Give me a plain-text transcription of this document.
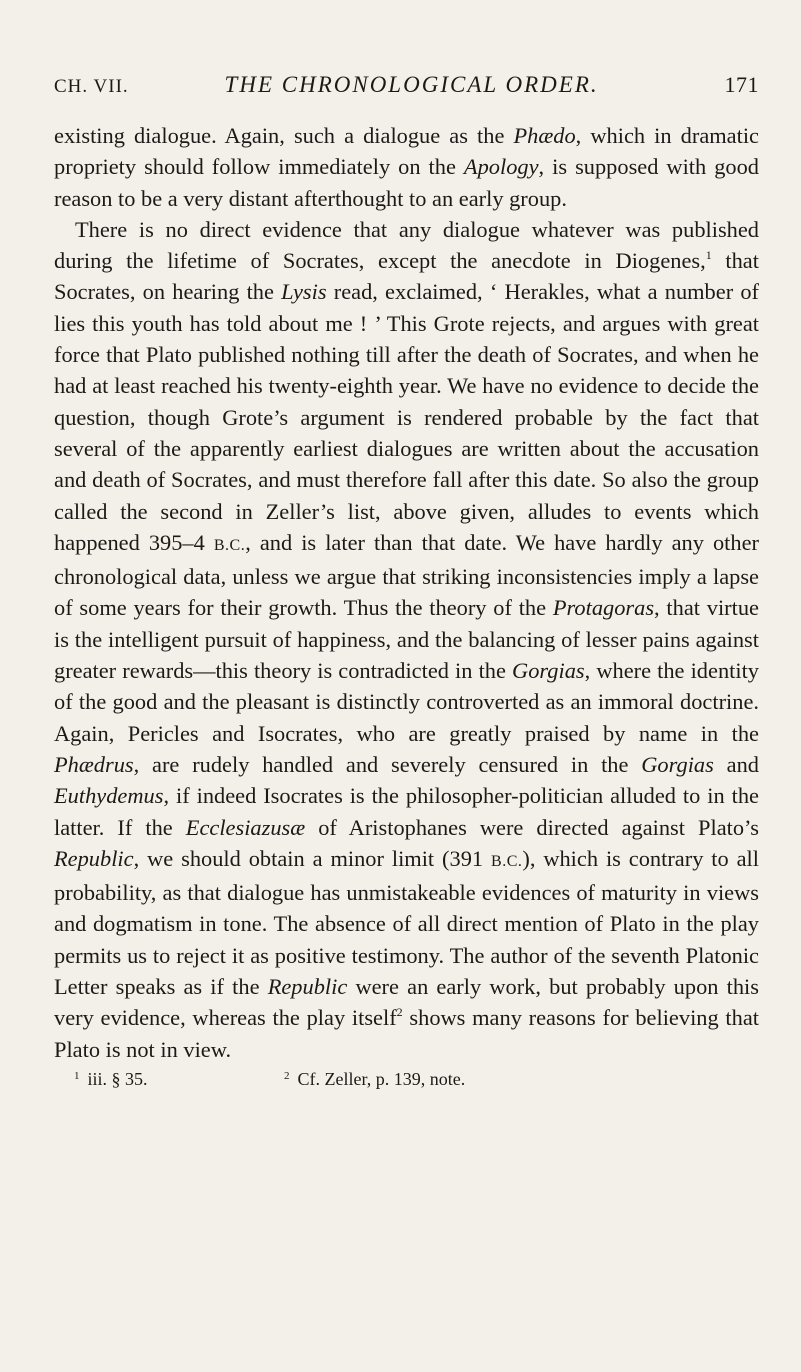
CH. VII.	THE CHRONOLOGICAL ORDER.	171

existing dialogue. Again, such a dialogue as the Phædo, which in dramatic propriety should follow immediately on the Apology, is supposed with good reason to be a very distant afterthought to an early group.

There is no direct evidence that any dialogue whatever was published during the lifetime of Socrates, except the anecdote in Diogenes,$^1$ that Socrates, on hearing the Lysis read, exclaimed, ‘ Herakles, what a number of lies this youth has told about me ! ’ This Grote rejects, and argues with great force that Plato published nothing till after the death of Socrates, and when he had at least reached his twenty-eighth year. We have no evidence to decide the question, though Grote’s argument is rendered probable by the fact that several of the apparently earliest dialogues are written about the accusation and death of Socrates, and must therefore fall after this date. So also the group called the second in Zeller’s list, above given, alludes to events which happened 395–4 B.C., and is later than that date. We have hardly any other chronological data, unless we argue that striking inconsistencies imply a lapse of some years for their growth. Thus the theory of the Protagoras, that virtue is the intelligent pursuit of happiness, and the balancing of lesser pains against greater rewards—this theory is contradicted in the Gorgias, where the identity of the good and the pleasant is distinctly controverted as an immoral doctrine. Again, Pericles and Isocrates, who are greatly praised by name in the Phædrus, are rudely handled and severely censured in the Gorgias and Euthydemus, if indeed Isocrates is the philosopher-politician alluded to in the latter. If the Ecclesiazusæ of Aristophanes were directed against Plato’s Republic, we should obtain a minor limit (391 B.C.), which is contrary to all probability, as that dialogue has unmistakeable evidences of maturity in views and dogmatism in tone. The absence of all direct mention of Plato in the play permits us to reject it as positive testimony. The author of the seventh Platonic Letter speaks as if the Republic were an early work, but probably upon this very evidence, whereas the play itself$^2$ shows many reasons for believing that Plato is not in view.

$^1$ iii. § 35.	$^2$ Cf. Zeller, p. 139, note.
